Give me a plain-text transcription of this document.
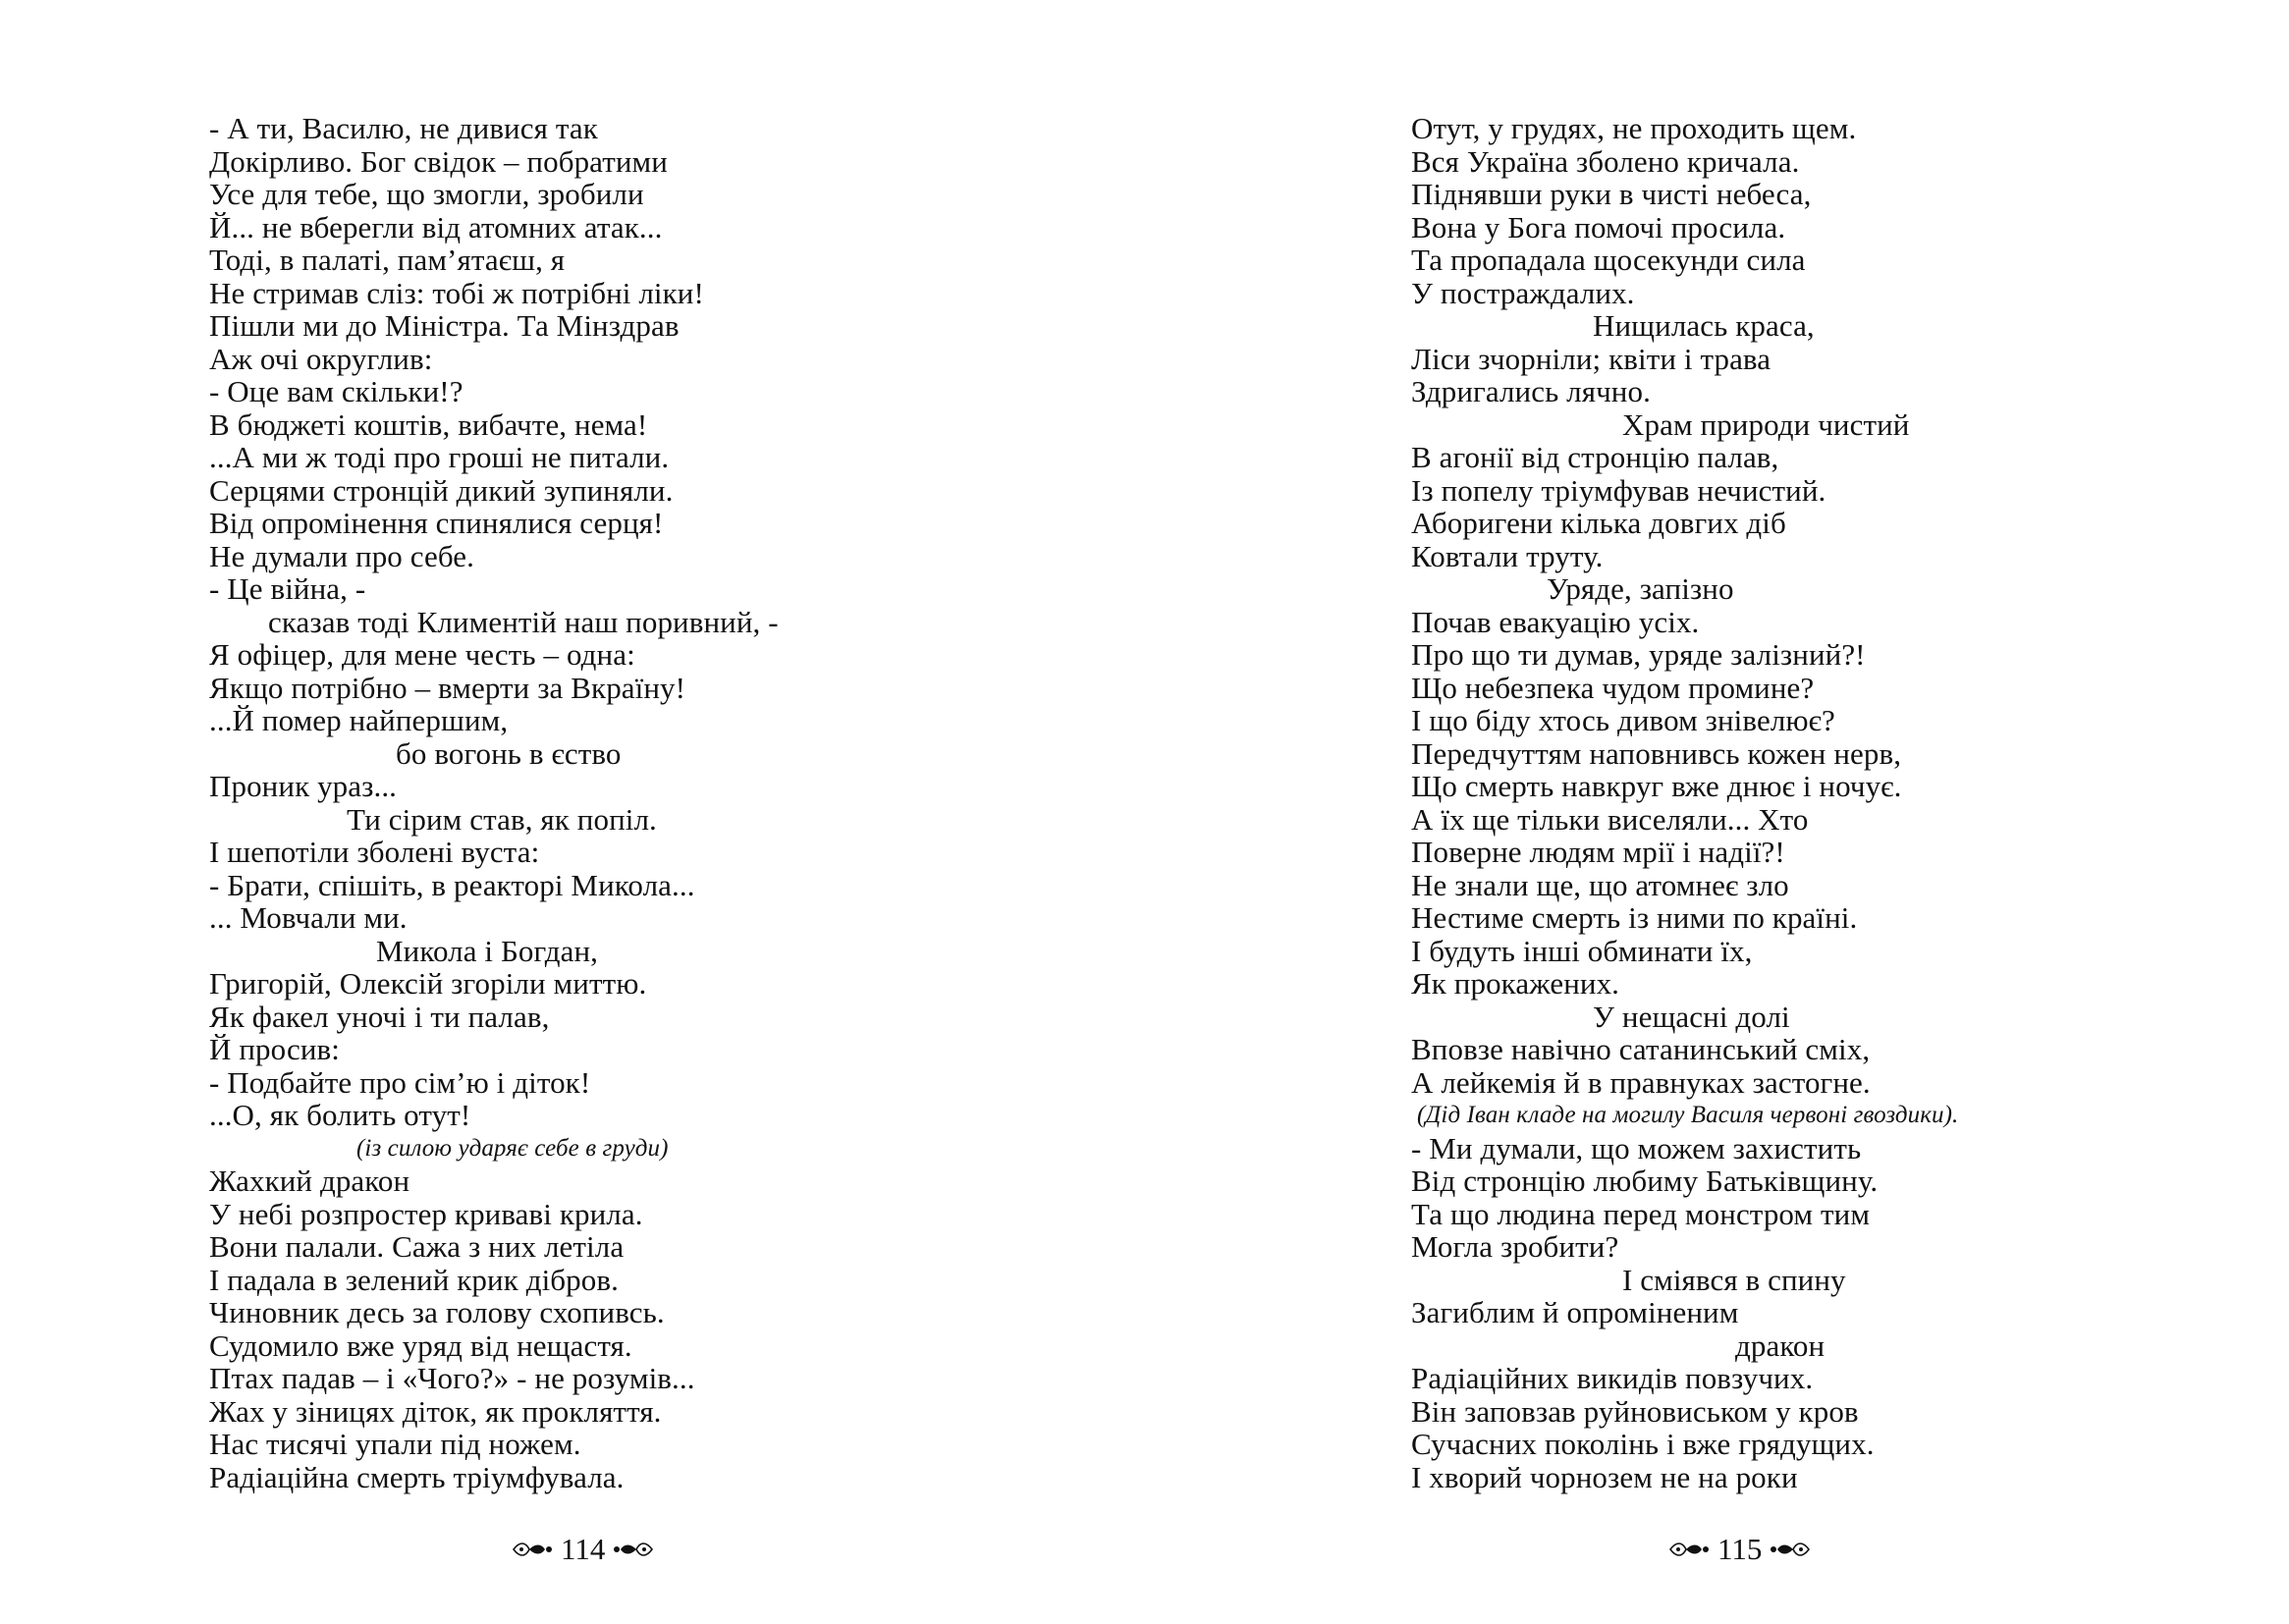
- А ти, Василю, не дивися так
Докірливо. Бог свідок – побратими
Усе для тебе, що змогли, зробили
Й... не вберегли від атомних атак...
Тоді, в палаті, пам’ятаєш, я
Не стримав сліз: тобі ж потрібні ліки!
Пішли ми до Міністра. Та Мінздрав
Аж очі округлив:
- Оце вам скільки!?
В бюджеті коштів, вибачте, нема!
...А ми ж тоді про гроші не питали.
Серцями стронцій дикий зупиняли.
Від опромінення спинялися серця!
Не думали про себе.
- Це війна, -
сказав тоді Климентій наш поривний, -
Я офіцер, для мене честь – одна:
Якщо потрібно – вмерти за Вкраїну!
...Й помер найпершим,
бо вогонь в єство
Проник ураз...
Ти сірим став, як попіл.
І шепотіли зболені вуста:
- Брати, спішіть, в реакторі Микола...
... Мовчали ми.
Микола і Богдан,
Григорій, Олексій згоріли миттю.
Як факел уночі і ти палав,
Й просив:
- Подбайте про сім’ю і діток!
...О, як болить отут!
(із силою ударяє себе в груди)
Жахкий дракон
У небі розпростер криваві крила.
Вони палали. Сажа з них летіла
І падала в зелений крик дібров.
Чиновник десь за голову схопивсь.
Судомило вже уряд від нещастя.
Птах падав – і «Чого?» - не розумів...
Жах у зіницях діток, як прокляття.
Нас тисячі упали під ножем.
Радіаційна смерть тріумфувала.
114
Отут, у грудях, не проходить щем.
Вся Україна зболено кричала.
Піднявши руки в чисті небеса,
Вона у Бога помочі просила.
Та пропадала щосекунди сила
У постраждалих.
Нищилась краса,
Ліси зчорніли; квіти і трава
Здригались лячно.
Храм природи чистий
В агонії від стронцію палав,
Із попелу тріумфував нечистий.
Аборигени кілька довгих діб
Ковтали труту.
Уряде, запізно
Почав евакуацію усіх.
Про що ти думав, уряде залізний?!
Що небезпека чудом промине?
І що біду хтось дивом знівелює?
Передчуттям наповнивсь кожен нерв,
Що смерть навкруг вже днює і ночує.
А їх ще тільки виселяли... Хто
Поверне людям мрії і надії?!
Не знали ще, що атомнеє зло
Нестиме смерть із ними по країні.
І будуть інші обминати їх,
Як прокажених.
У нещасні долі
Вповзе навічно сатанинський сміх,
А лейкемія й в правнуках застогне.
(Дід Іван кладе на могилу Василя червоні гвоздики).
- Ми думали, що можем захистить
Від стронцію любиму Батьківщину.
Та що людина перед монстром тим
Могла зробити?
І сміявся в спину
Загиблим й опроміненим
дракон
Радіаційних викидів повзучих.
Він заповзав руйновиськом у кров
Сучасних поколінь і вже грядущих.
І хворий чорнозем не на роки
115
